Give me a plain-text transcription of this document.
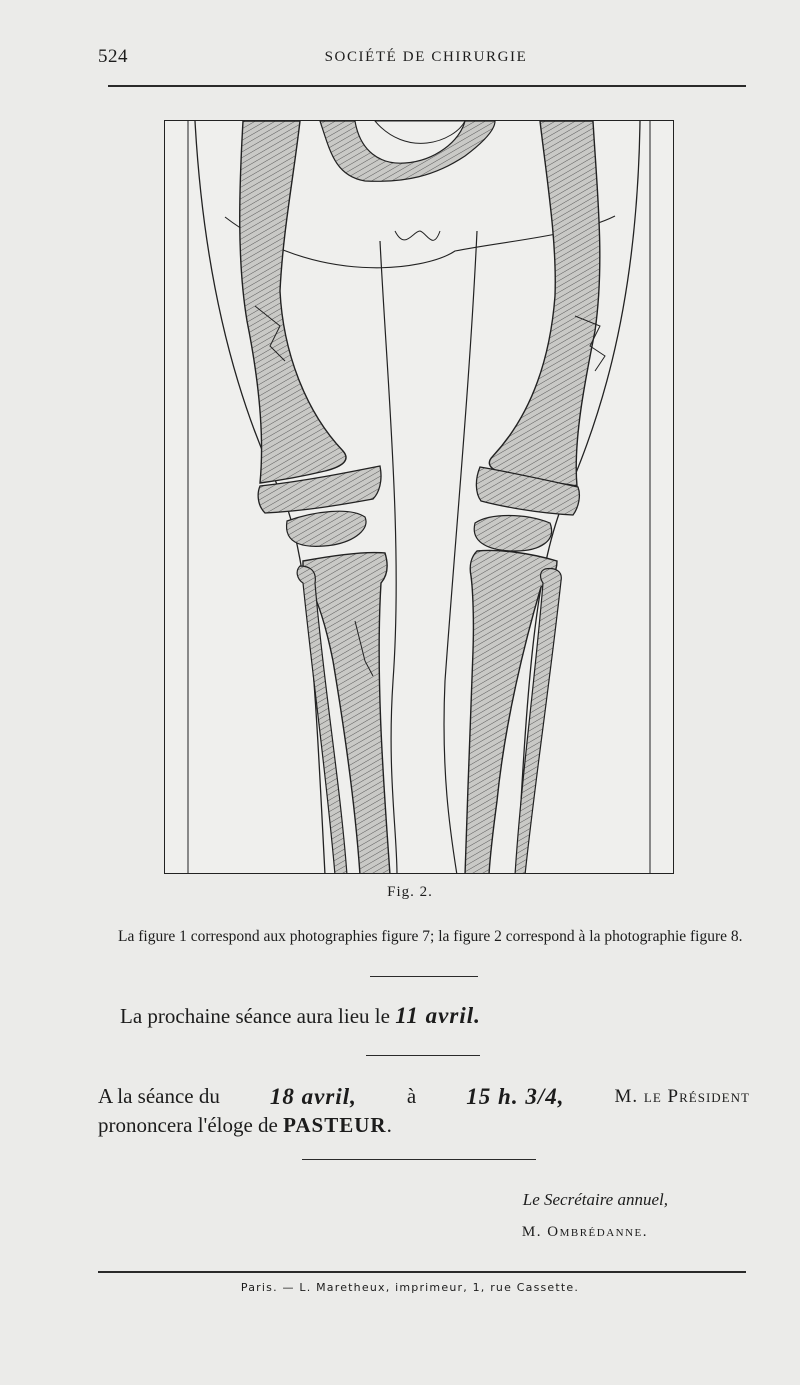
524	SOCIÉTÉ DE CHIRURGIE
Fig. 2.
La figure 1 correspond aux photographies figure 7; la figure 2 correspond à la photographie figure 8.
La prochaine séance aura lieu le 11 avril.
A la séance du 18 avril, à 15 h. 3/4,	M. le Président
prononcera l'éloge de PASTEUR.
Le Secrétaire annuel,
M. Ombrédanne.
Paris. — L. Maretheux, imprimeur, 1, rue Cassette.
